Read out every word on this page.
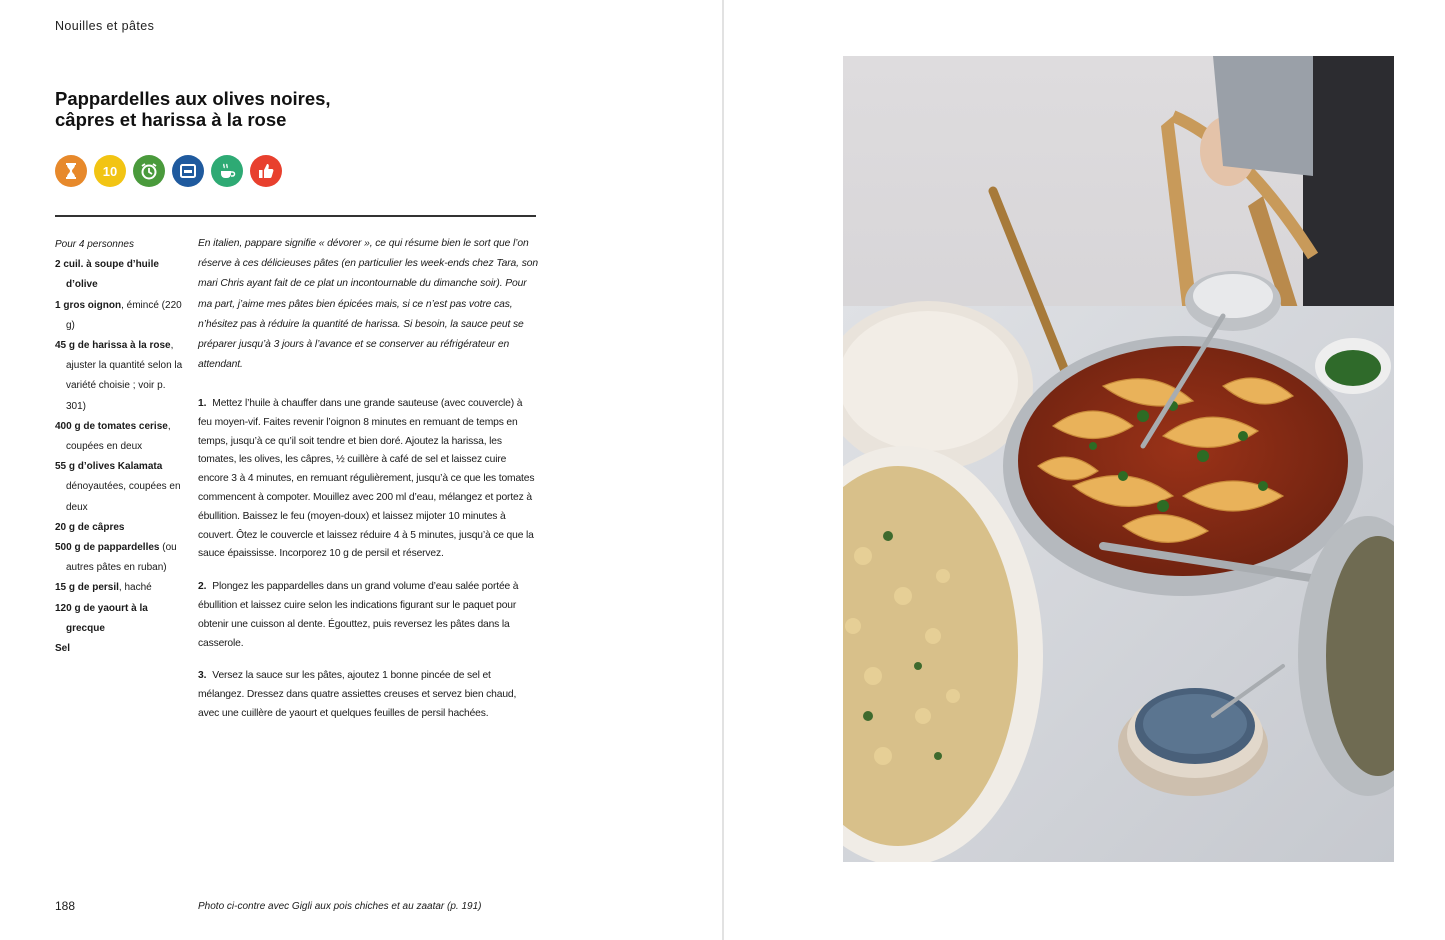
Nouilles et pâtes
Pappardelles aux olives noires,
câpres et harissa à la rose
10
Pour 4 personnes
2 cuil. à soupe d’huile d’olive
1 gros oignon, émincé (220 g)
45 g de harissa à la rose, ajuster la quantité selon la variété choisie ; voir p. 301)
400 g de tomates cerise, coupées en deux
55 g d’olives Kalamata dénoyautées, coupées en deux
20 g de câpres
500 g de pappardelles (ou autres pâtes en ruban)
15 g de persil, haché
120 g de yaourt à la grecque
Sel
En italien, pappare signifie « dévorer », ce qui résume bien le sort que l’on réserve à ces délicieuses pâtes (en particulier les week-ends chez Tara, son mari Chris ayant fait de ce plat un incontournable du dimanche soir). Pour ma part, j’aime mes pâtes bien épicées mais, si ce n’est pas votre cas, n’hésitez pas à réduire la quantité de harissa. Si besoin, la sauce peut se préparer jusqu’à 3 jours à l’avance et se conserver au réfrigérateur en attendant.
1. Mettez l’huile à chauffer dans une grande sauteuse (avec couvercle) à feu moyen-vif. Faites revenir l’oignon 8 minutes en remuant de temps en temps, jusqu’à ce qu’il soit tendre et bien doré. Ajoutez la harissa, les tomates, les olives, les câpres, ½ cuillère à café de sel et laissez cuire encore 3 à 4 minutes, en remuant régulièrement, jusqu’à ce que les tomates commencent à compoter. Mouillez avec 200 ml d’eau, mélangez et portez à ébullition. Baissez le feu (moyen-doux) et laissez mijoter 10 minutes à couvert. Ôtez le couvercle et laissez réduire 4 à 5 minutes, jusqu’à ce que la sauce épaississe. Incorporez 10 g de persil et réservez.
2. Plongez les pappardelles dans un grand volume d’eau salée portée à ébullition et laissez cuire selon les indications figurant sur le paquet pour obtenir une cuisson al dente. Égouttez, puis reversez les pâtes dans la casserole.
3. Versez la sauce sur les pâtes, ajoutez 1 bonne pincée de sel et mélangez. Dressez dans quatre assiettes creuses et servez bien chaud, avec une cuillère de yaourt et quelques feuilles de persil hachées.
188	Photo ci-contre avec Gigli aux pois chiches et au zaatar (p. 191)
